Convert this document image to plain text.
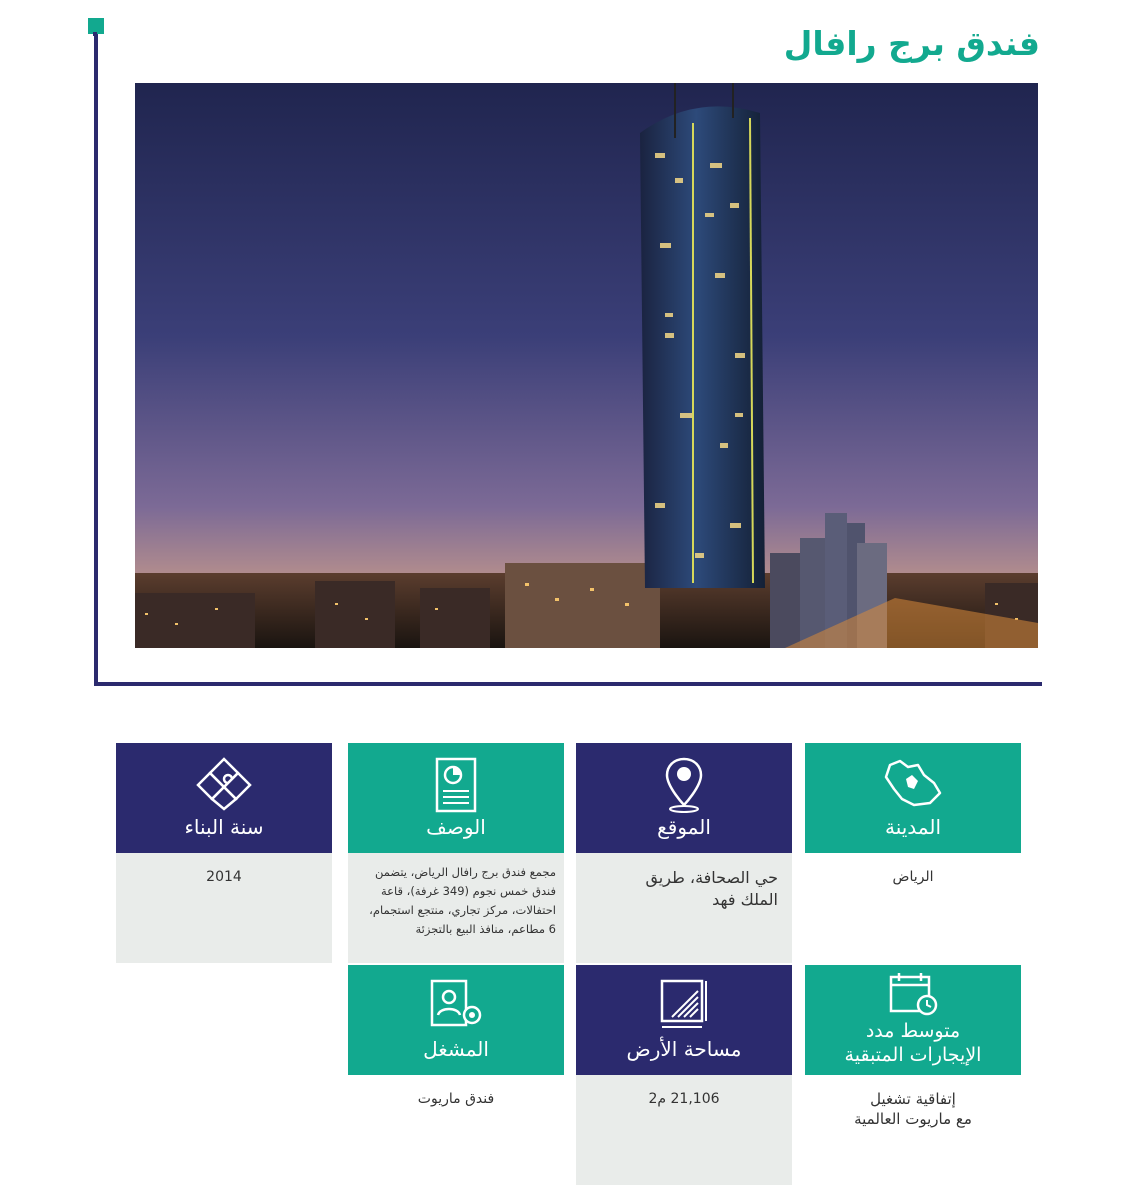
فندق برج رافال
المدينة
الرياض
الموقع
حي الصحافة، طريق
الملك فهد
الوصف
مجمع فندق برج رافال الرياض، يتضمن
فندق خمس نجوم (349 غرفة)، قاعة
احتفالات، مركز تجاري، منتجع استجمام،
6 مطاعم، منافذ البيع بالتجزئة
سنة البناء
2014
متوسط مدد
الإيجارات المتبقية
إتفاقية تشغيل
مع ماريوت العالمية
مساحة الأرض
21,106 م2
المشغل
فندق ماريوت
